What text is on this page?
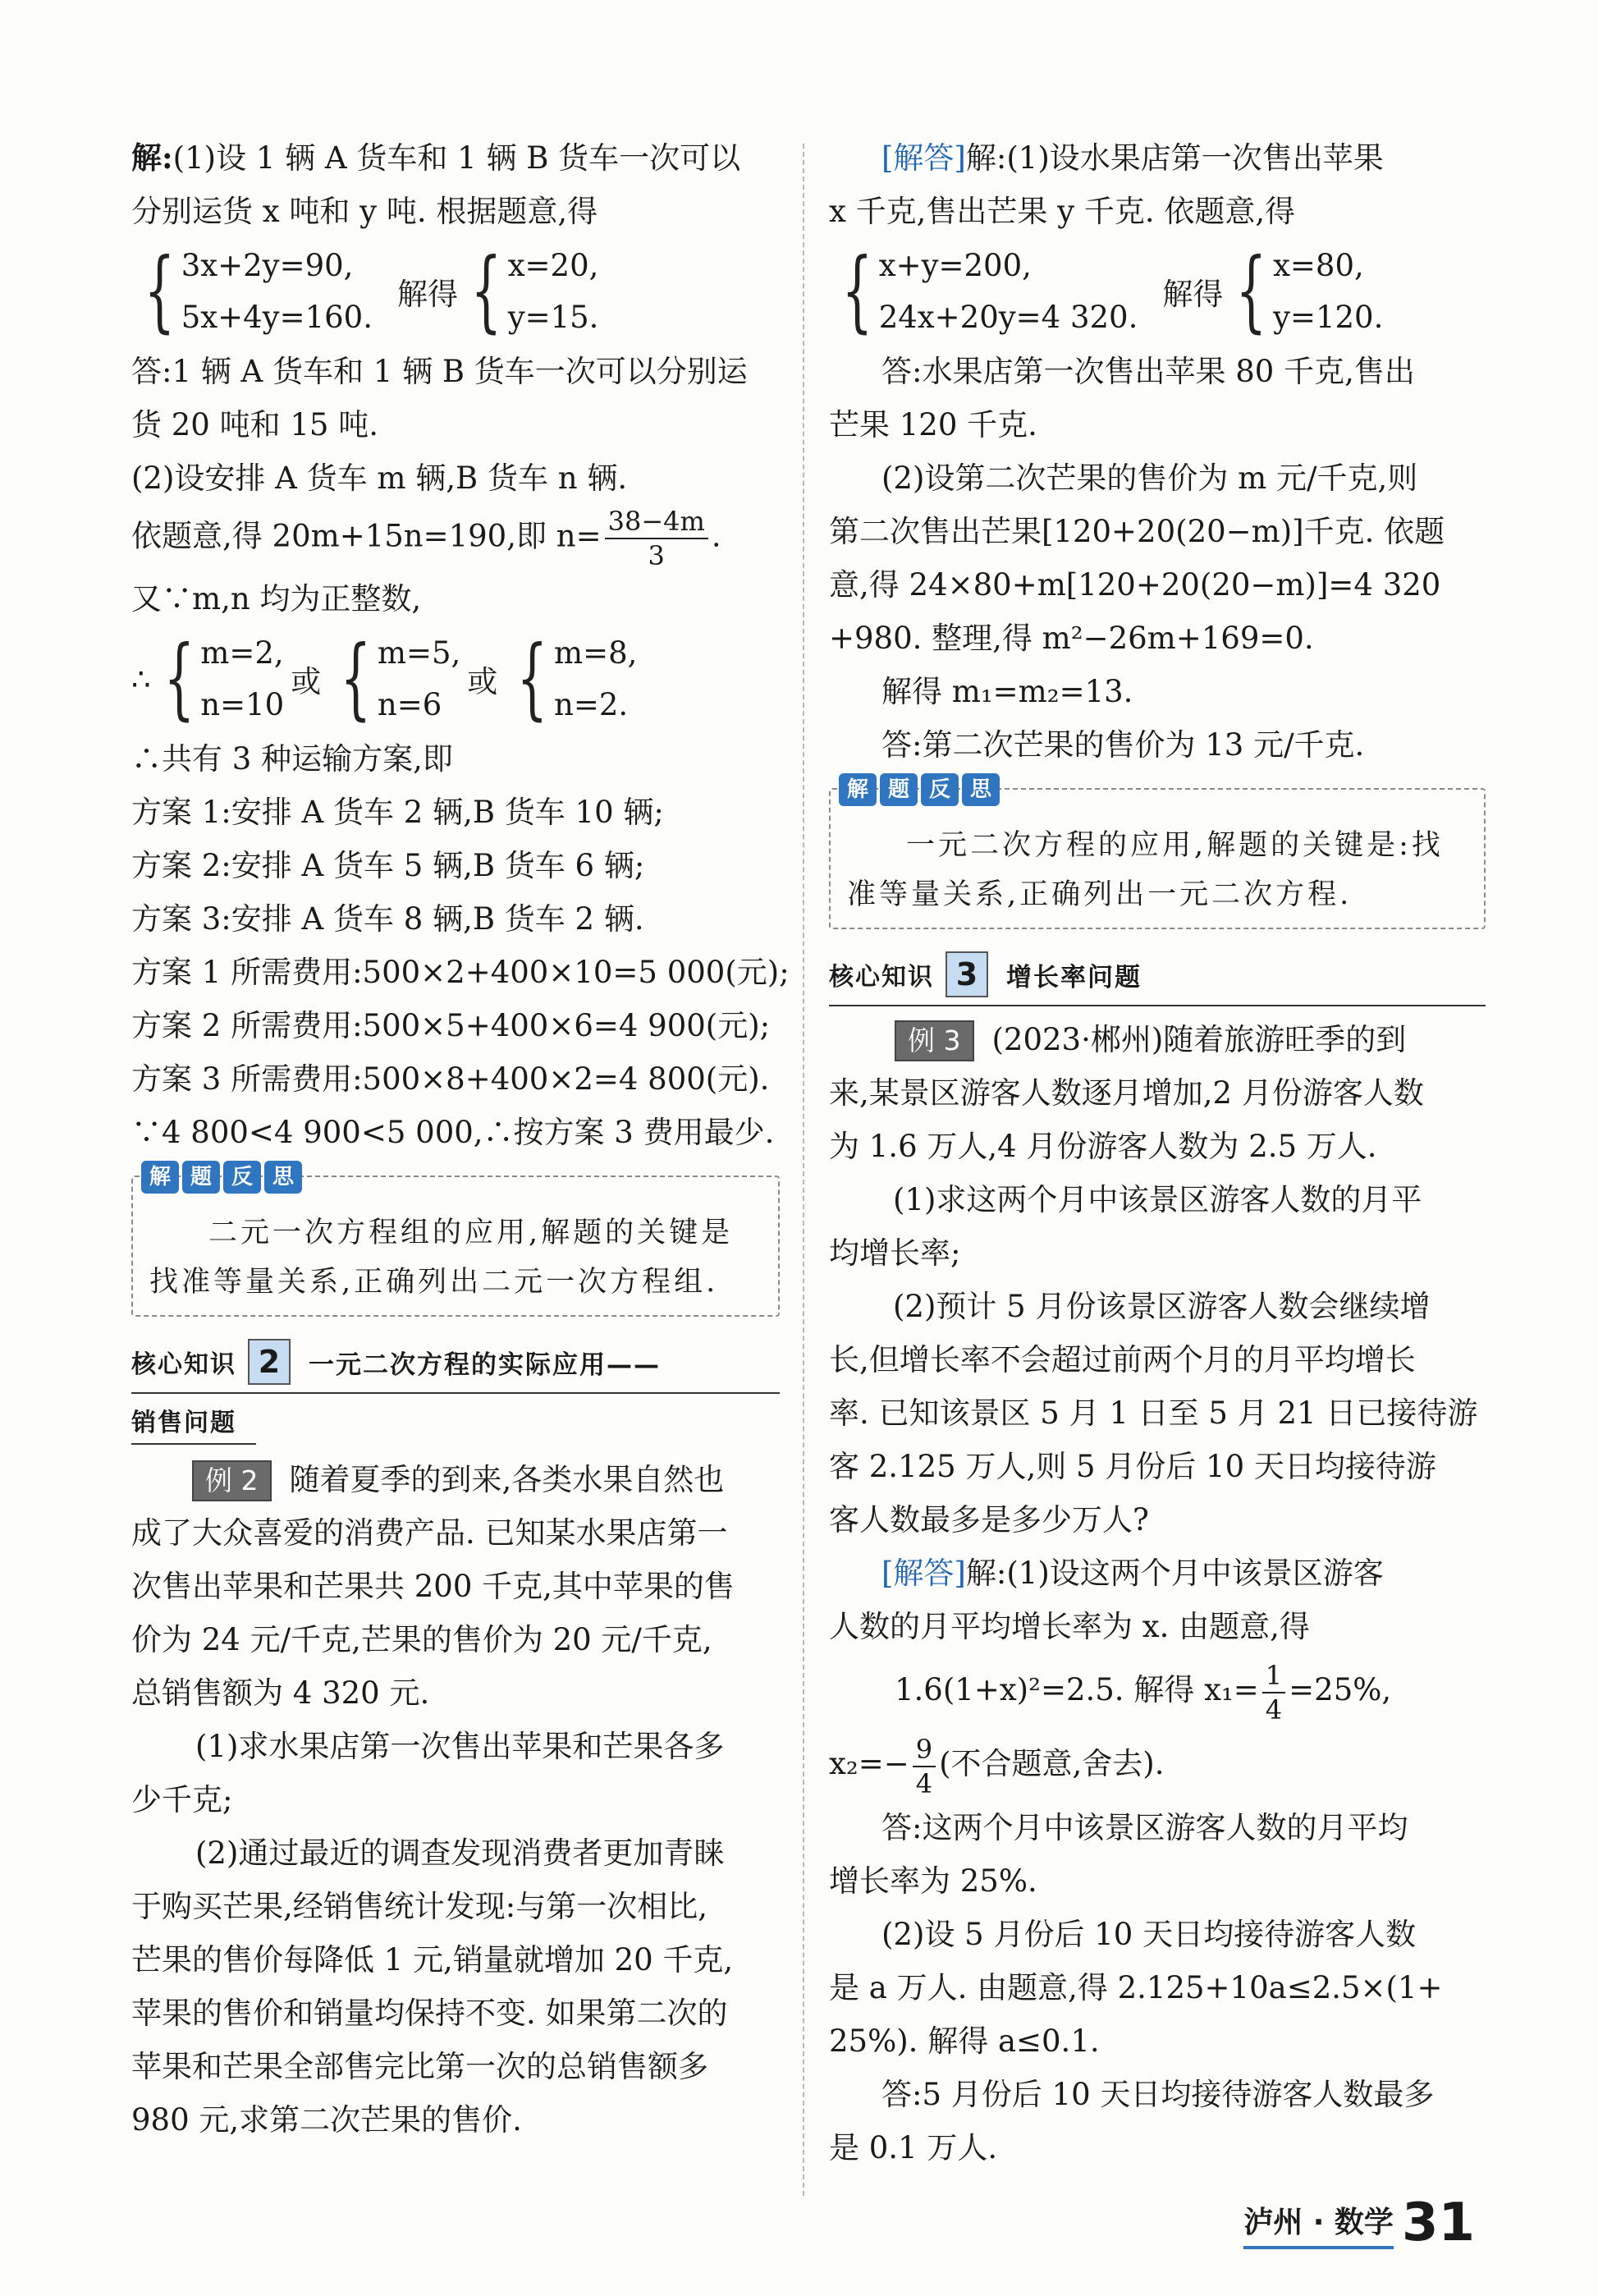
解:(1)设 1 辆 A 货车和 1 辆 B 货车一次可以
分别运货 x 吨和 y 吨. 根据题意,得
{ 3x+2y=90,
5x+4y=160.
解得 { x=20,
y=15.
答:1 辆 A 货车和 1 辆 B 货车一次可以分别运
货 20 吨和 15 吨.
(2)设安排 A 货车 m 辆,B 货车 n 辆.
依题意,得 20m+15n=190,即 $n= \frac{38-4m}{3}$ .
又∵m,n 均为正整数,
∴ { m=2,
n=10
或 { m=5,
n=6
或 { m=8,
n=2.
∴共有 3 种运输方案,即
方案 1:安排 A 货车 2 辆,B 货车 10 辆;
方案 2:安排 A 货车 5 辆,B 货车 6 辆;
方案 3:安排 A 货车 8 辆,B 货车 2 辆.
方案 1 所需费用:500×2+400×10=5 000(元);
方案 2 所需费用:500×5+400×6=4 900(元);
方案 3 所需费用:500×8+400×2=4 800(元).
∵4 800<4 900<5 000,∴按方案 3 费用最少.
解 题 反 思
二元一次方程组的应用,解题的关键是
找准等量关系,正确列出二元一次方程组.
核心知识 2	一元二次方程的实际应用——
销售问题
例 2 随着夏季的到来,各类水果自然也
成了大众喜爱的消费产品. 已知某水果店第一
次售出苹果和芒果共 200 千克,其中苹果的售
价为 24 元/千克,芒果的售价为 20 元/千克,
总销售额为 4 320 元.
(1)求水果店第一次售出苹果和芒果各多
少千克;
(2)通过最近的调查发现消费者更加青睐
于购买芒果,经销售统计发现:与第一次相比,
芒果的售价每降低 1 元,销量就增加 20 千克,
苹果的售价和销量均保持不变. 如果第二次的
苹果和芒果全部售完比第一次的总销售额多
980 元,求第二次芒果的售价.
[解答]解:(1)设水果店第一次售出苹果
x 千克,售出芒果 y 千克. 依题意,得
{ x+y=200,
24x+20y=4 320.
解得 { x=80,
y=120.
答:水果店第一次售出苹果 80 千克,售出
芒果 120 千克.
(2)设第二次芒果的售价为 m 元/千克,则
第二次售出芒果[120+20(20−m)]千克. 依题
意,得 24×80+m[120+20(20−m)]=4 320
+980. 整理,得 m²−26m+169=0.
解得 m₁=m₂=13.
答:第二次芒果的售价为 13 元/千克.
解 题 反 思
一元二次方程的应用,解题的关键是:找
准等量关系,正确列出一元二次方程.
核心知识 3	增长率问题
例 3 (2023·郴州)随着旅游旺季的到
来,某景区游客人数逐月增加,2 月份游客人数
为 1.6 万人,4 月份游客人数为 2.5 万人.
(1)求这两个月中该景区游客人数的月平
均增长率;
(2)预计 5 月份该景区游客人数会继续增
长,但增长率不会超过前两个月的月平均增长
率. 已知该景区 5 月 1 日至 5 月 21 日已接待游
客 2.125 万人,则 5 月份后 10 天日均接待游
客人数最多是多少万人?
[解答]解:(1)设这两个月中该景区游客
人数的月平均增长率为 x. 由题意,得
1.6(1+x)²=2.5. 解得 $x_1= \frac{1}{4} =25\%$,
$x_2=- \frac{9}{4}$ (不合题意,舍去).
答:这两个月中该景区游客人数的月平均
增长率为 25%.
(2)设 5 月份后 10 天日均接待游客人数
是 a 万人. 由题意,得 2.125+10a≤2.5×(1+
25%). 解得 a≤0.1.
答:5 月份后 10 天日均接待游客人数最多
是 0.1 万人.
泸州 · 数学 31
